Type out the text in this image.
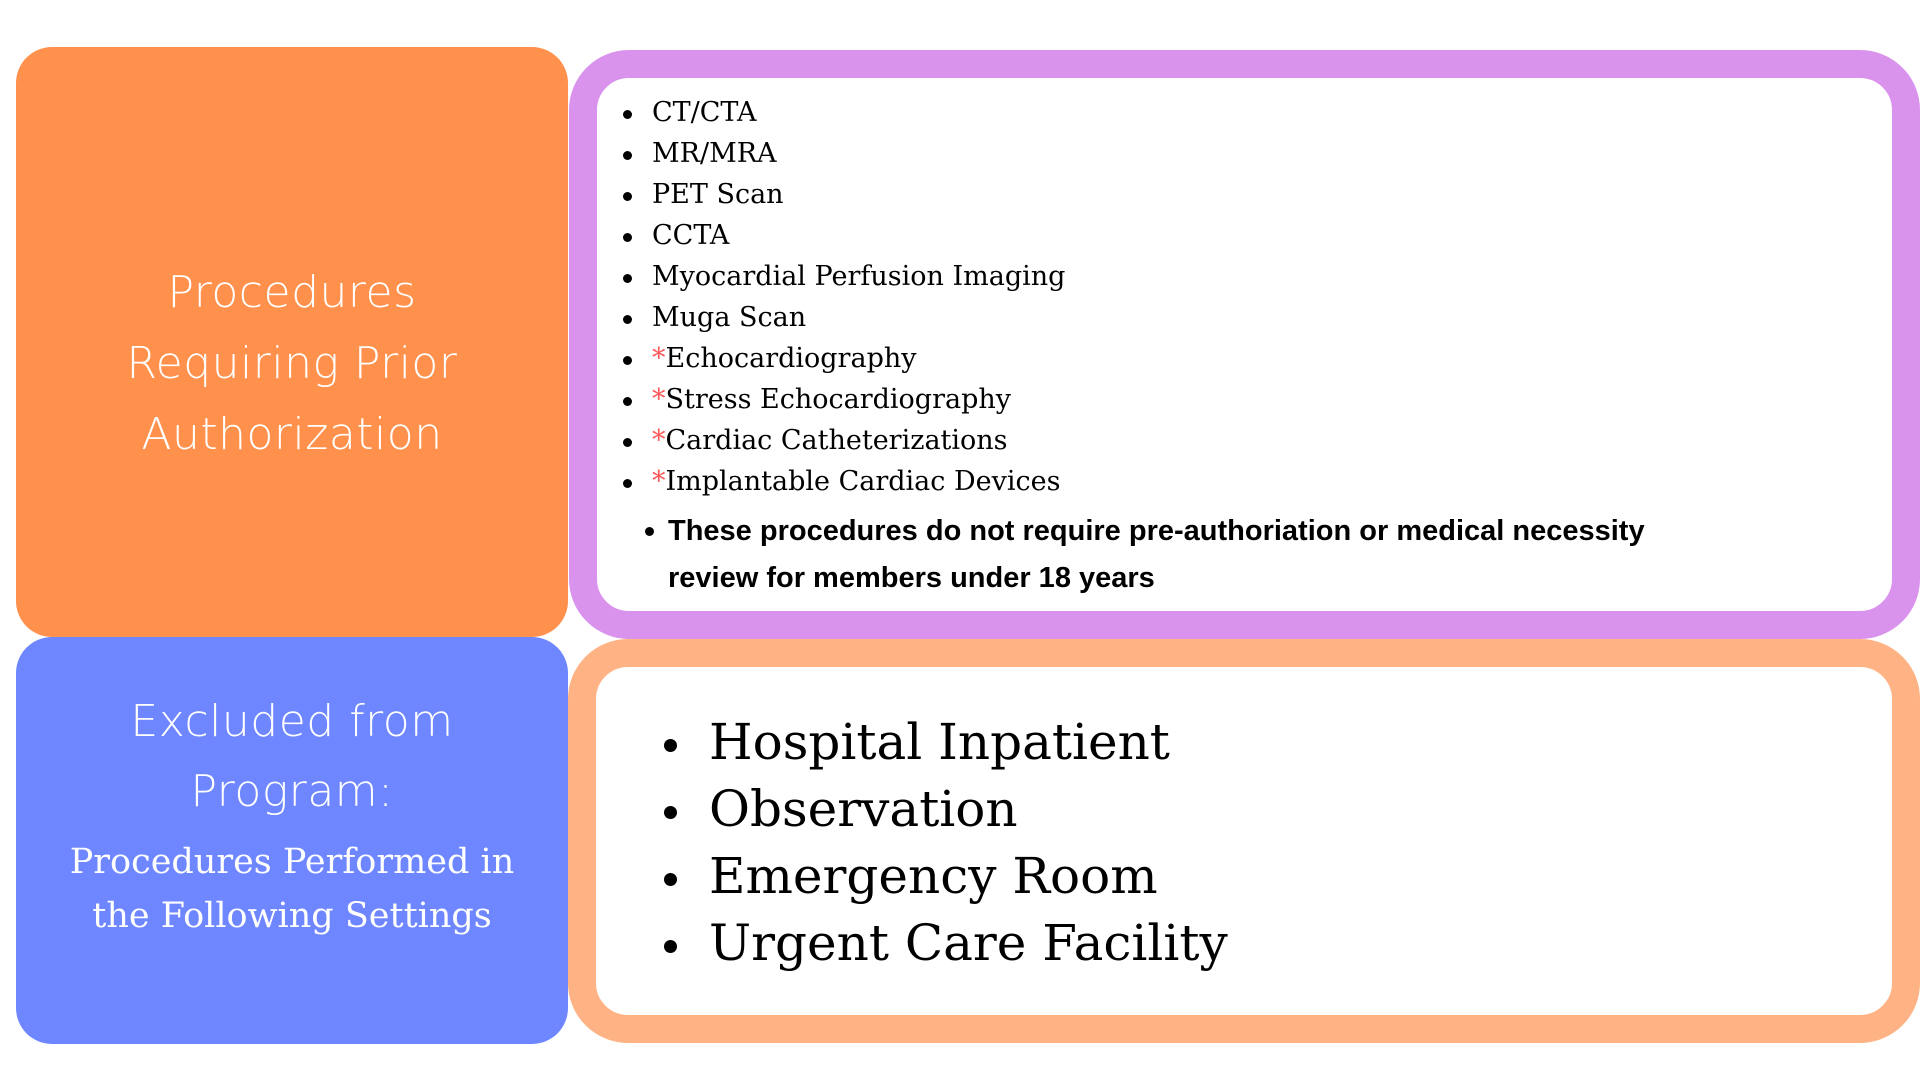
Procedures
Requiring Prior
Authorization
CT/CTA
MR/MRA
PET Scan
CCTA
Myocardial Perfusion Imaging
Muga Scan
*Echocardiography
*Stress Echocardiography
*Cardiac Catheterizations
*Implantable Cardiac Devices
These procedures do not require pre-authoriation or medical necessity
review for members under 18 years
Excluded from
Program:
Procedures Performed in
the Following Settings
Hospital Inpatient
Observation
Emergency Room
Urgent Care Facility
